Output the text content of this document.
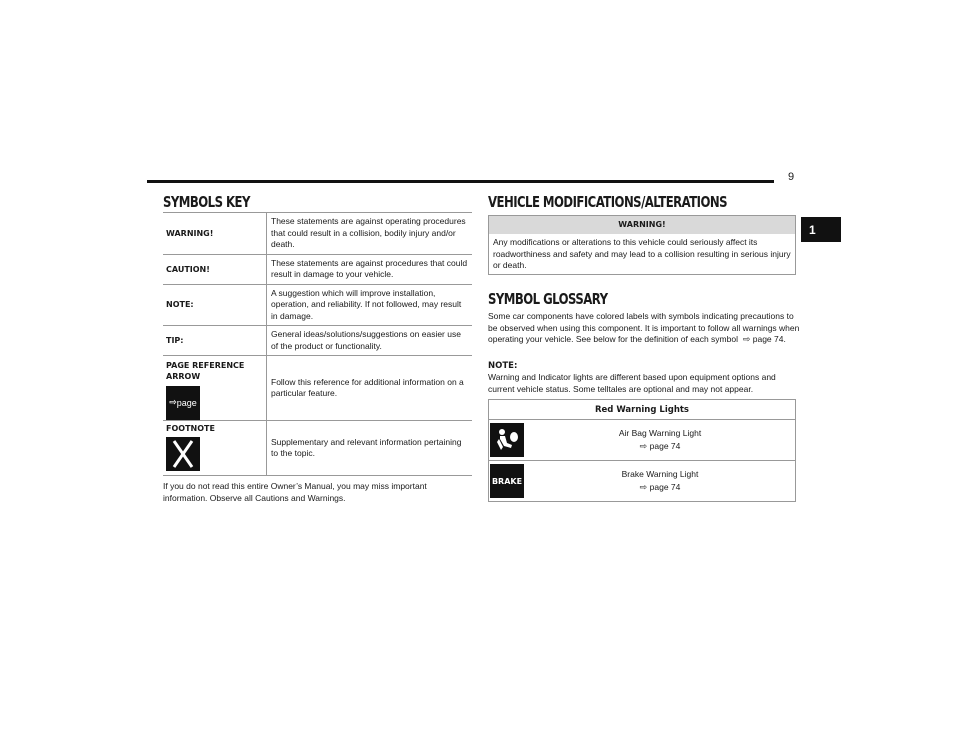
9
1
SYMBOLS KEY
WARNING!	These statements are against operating procedures that could result in a collision, bodily injury and/or death.
CAUTION!	These statements are against procedures that could result in damage to your vehicle.
NOTE:	A suggestion which will improve installation, operation, and reliability. If not followed, may result in damage.
TIP:	General ideas/solutions/suggestions on easier use of the product or functionality.

PAGE REFERENCE ARROW
⇨ page	Follow this reference for additional information on a particular feature.

FOOTNOTE	Supplementary and relevant information pertaining to the topic.

If you do not read this entire Owner’s Manual, you may miss important information. Observe all Cautions and Warnings.

VEHICLE MODIFICATIONS/ALTERATIONS
WARNING!
Any modifications or alterations to this vehicle could seriously affect its roadworthiness and safety and may lead to a collision resulting in serious injury or death.
SYMBOL GLOSSARY

Some car components have colored labels with symbols indicating precautions to be observed when using this component. It is important to follow all warnings when operating your vehicle. See below for the definition of each symbol  ⇨ page 74.

NOTE:

Warning and Indicator lights are different based upon equipment options and current vehicle status. Some telltales are optional and may not appear.

Red Warning Lights	

Air Bag Warning Light
⇨ page 74

BRAKE	Brake Warning Light
⇨ page 74
